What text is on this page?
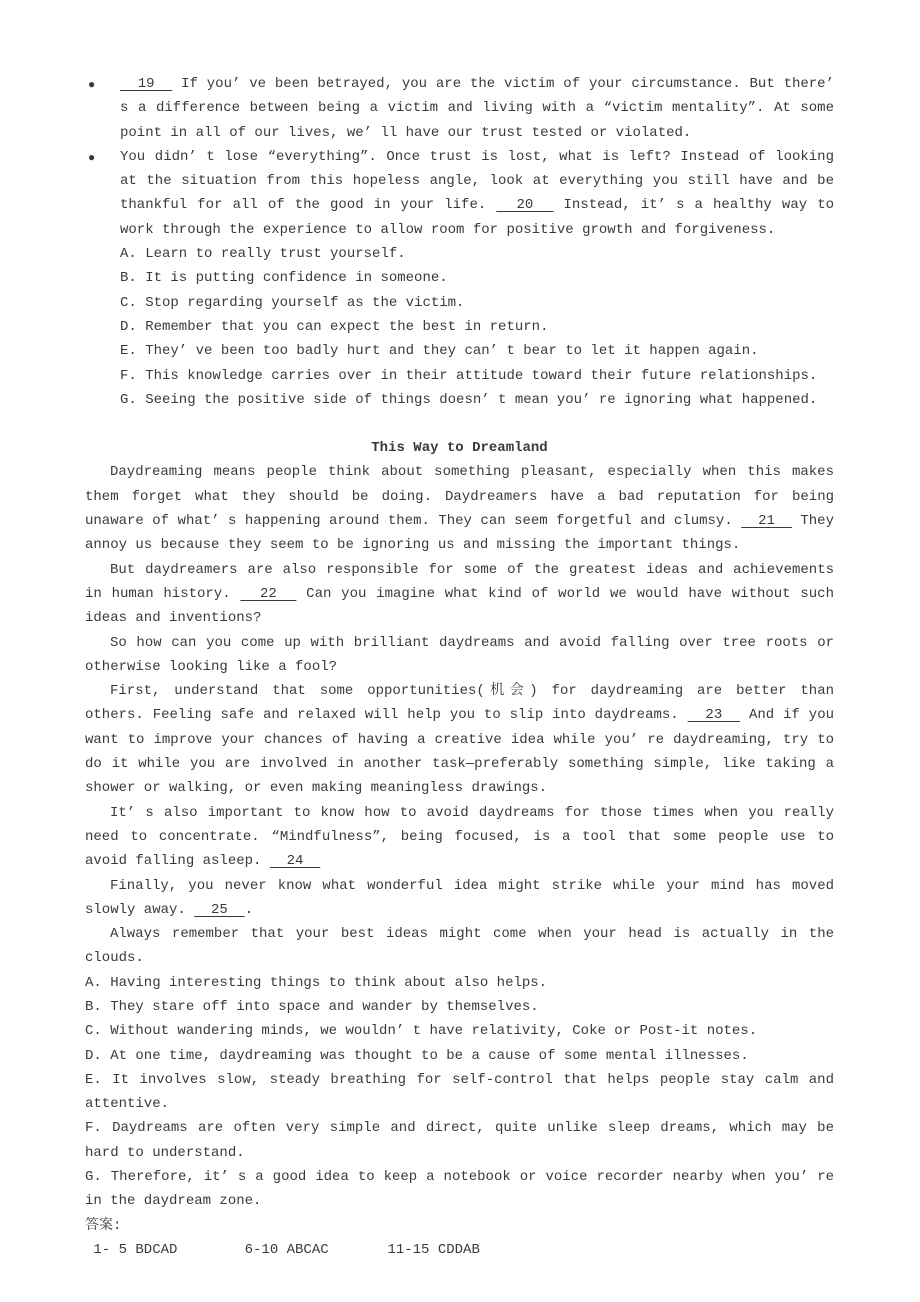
● 19   If you’ ve been betrayed, you are the victim of your circumstance. But there’ s a difference between being a victim and living with a “victim mentality”. At some point in all of our lives, we’ ll have our trust tested or violated.
● You didn’ t lose “everything”. Once trust is lost, what is left? Instead of looking at the situation from this hopeless angle, look at everything you still have and be thankful for all of the good in your life.   20   Instead, it’ s a healthy way to work through the experience to allow room for positive growth and forgiveness.
A. Learn to really trust yourself.
B. It is putting confidence in someone.
C. Stop regarding yourself as the victim.
D. Remember that you can expect the best in return.
E. They’ ve been too badly hurt and they can’ t bear to let it happen again.
F. This knowledge carries over in their attitude toward their future relationships.
G. Seeing the positive side of things doesn’ t mean you’ re ignoring what happened.
This Way to Dreamland
Daydreaming means people think about something pleasant, especially when this makes them forget what they should be doing. Daydreamers have a bad reputation for being unaware of what’ s happening around them. They can seem forgetful and clumsy.   21   They annoy us because they seem to be ignoring us and missing the important things.
But daydreamers are also responsible for some of the greatest ideas and achievements in human history.   22   Can you imagine what kind of world we would have without such ideas and inventions?
So how can you come up with brilliant daydreams and avoid falling over tree roots or otherwise looking like a fool?
First, understand that some opportunities(机会) for daydreaming are better than others. Feeling safe and relaxed will help you to slip into daydreams.   23   And if you want to improve your chances of having a creative idea while you’ re daydreaming, try to do it while you are involved in another task—preferably something simple, like taking a shower or walking, or even making meaningless drawings.
It’ s also important to know how to avoid daydreams for those times when you really need to concentrate. “Mindfulness”, being focused, is a tool that some people use to avoid falling asleep.   24
Finally, you never know what wonderful idea might strike while your mind has moved slowly away.   25  .
Always remember that your best ideas might come when your head is actually in the clouds.
A. Having interesting things to think about also helps.
B. They stare off into space and wander by themselves.
C. Without wandering minds, we wouldn’ t have relativity, Coke or Post-it notes.
D. At one time, daydreaming was thought to be a cause of some mental illnesses.
E. It involves slow, steady breathing for self-control that helps people stay calm and attentive.
F. Daydreams are often very simple and direct, quite unlike sleep dreams, which may be hard to understand.
G. Therefore, it’ s a good idea to keep a notebook or voice recorder nearby when you’ re in the daydream zone.
答案:
1- 5 BDCAD        6-10 ABCAC       11-15 CDDAB
